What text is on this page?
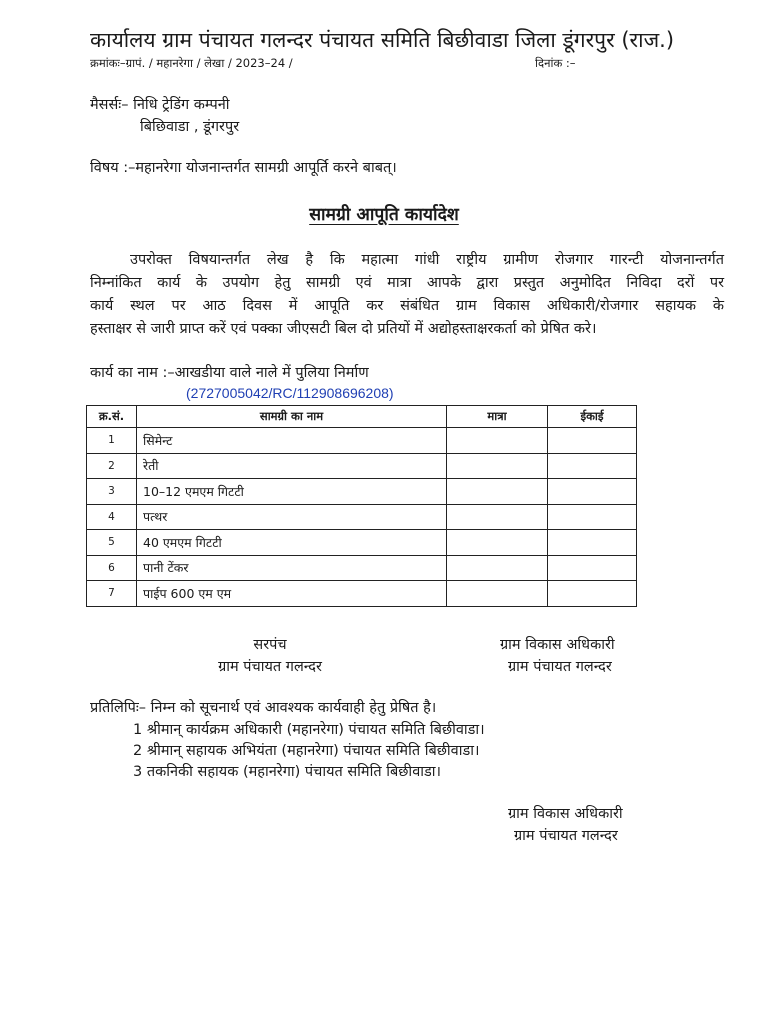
कार्यालय ग्राम पंचायत गलन्दर पंचायत समिति बिछीवाडा जिला डूंगरपुर (राज.)
क्रमांकः–ग्रापं. / महानरेगा / लेखा / 2023–24 /	दिनांक :–
मैसर्सः– निधि ट्रेडिंग कम्पनी
बिछिवाडा , डूंगरपुर
विषय :–महानरेगा योजनान्तर्गत सामग्री आपूर्ति करने बाबत्।
सामग्री आपूति कार्यादेश
उपरोक्त विषयान्तर्गत लेख है कि महात्मा गांधी राष्ट्रीय ग्रामीण रोजगार गारन्टी योजनान्तर्गत
निम्नांकित कार्य के उपयोग हेतु सामग्री एवं मात्रा आपके द्वारा प्रस्तुत अनुमोदित निविदा दरों पर
कार्य स्थल पर आठ दिवस में आपूति कर संबंधित ग्राम विकास अधिकारी/रोजगार सहायक के
हस्ताक्षर से जारी प्राप्त करें एवं पक्का जीएसटी बिल दो प्रतियों में अद्योहस्ताक्षरकर्ता को प्रेषित करे।
कार्य का नाम :–आखडीया वाले नाले में पुलिया निर्माण
(2727005042/RC/112908696208)
क्र.सं.	सामग्री का नाम	मात्रा	ईकाई
1	सिमेन्ट		
2	रेती		
3	10–12 एमएम गिटटी		
4	पत्थर		
5	40 एमएम गिटटी		
6	पानी टेंकर		
7	पाईप 600 एम एम		
सरपंच
ग्राम पंचायत गलन्दर
ग्राम विकास अधिकारी
ग्राम पंचायत गलन्दर
प्रतिलिपिः– निम्न को सूचनार्थ एवं आवश्यक कार्यवाही हेतु प्रेषित है।
1 श्रीमान् कार्यक्रम अधिकारी (महानरेगा) पंचायत समिति बिछीवाडा।
2 श्रीमान् सहायक अभियंता (महानरेगा) पंचायत समिति बिछीवाडा।
3 तकनिकी सहायक (महानरेगा) पंचायत समिति बिछीवाडा।
ग्राम विकास अधिकारी
ग्राम पंचायत गलन्दर
